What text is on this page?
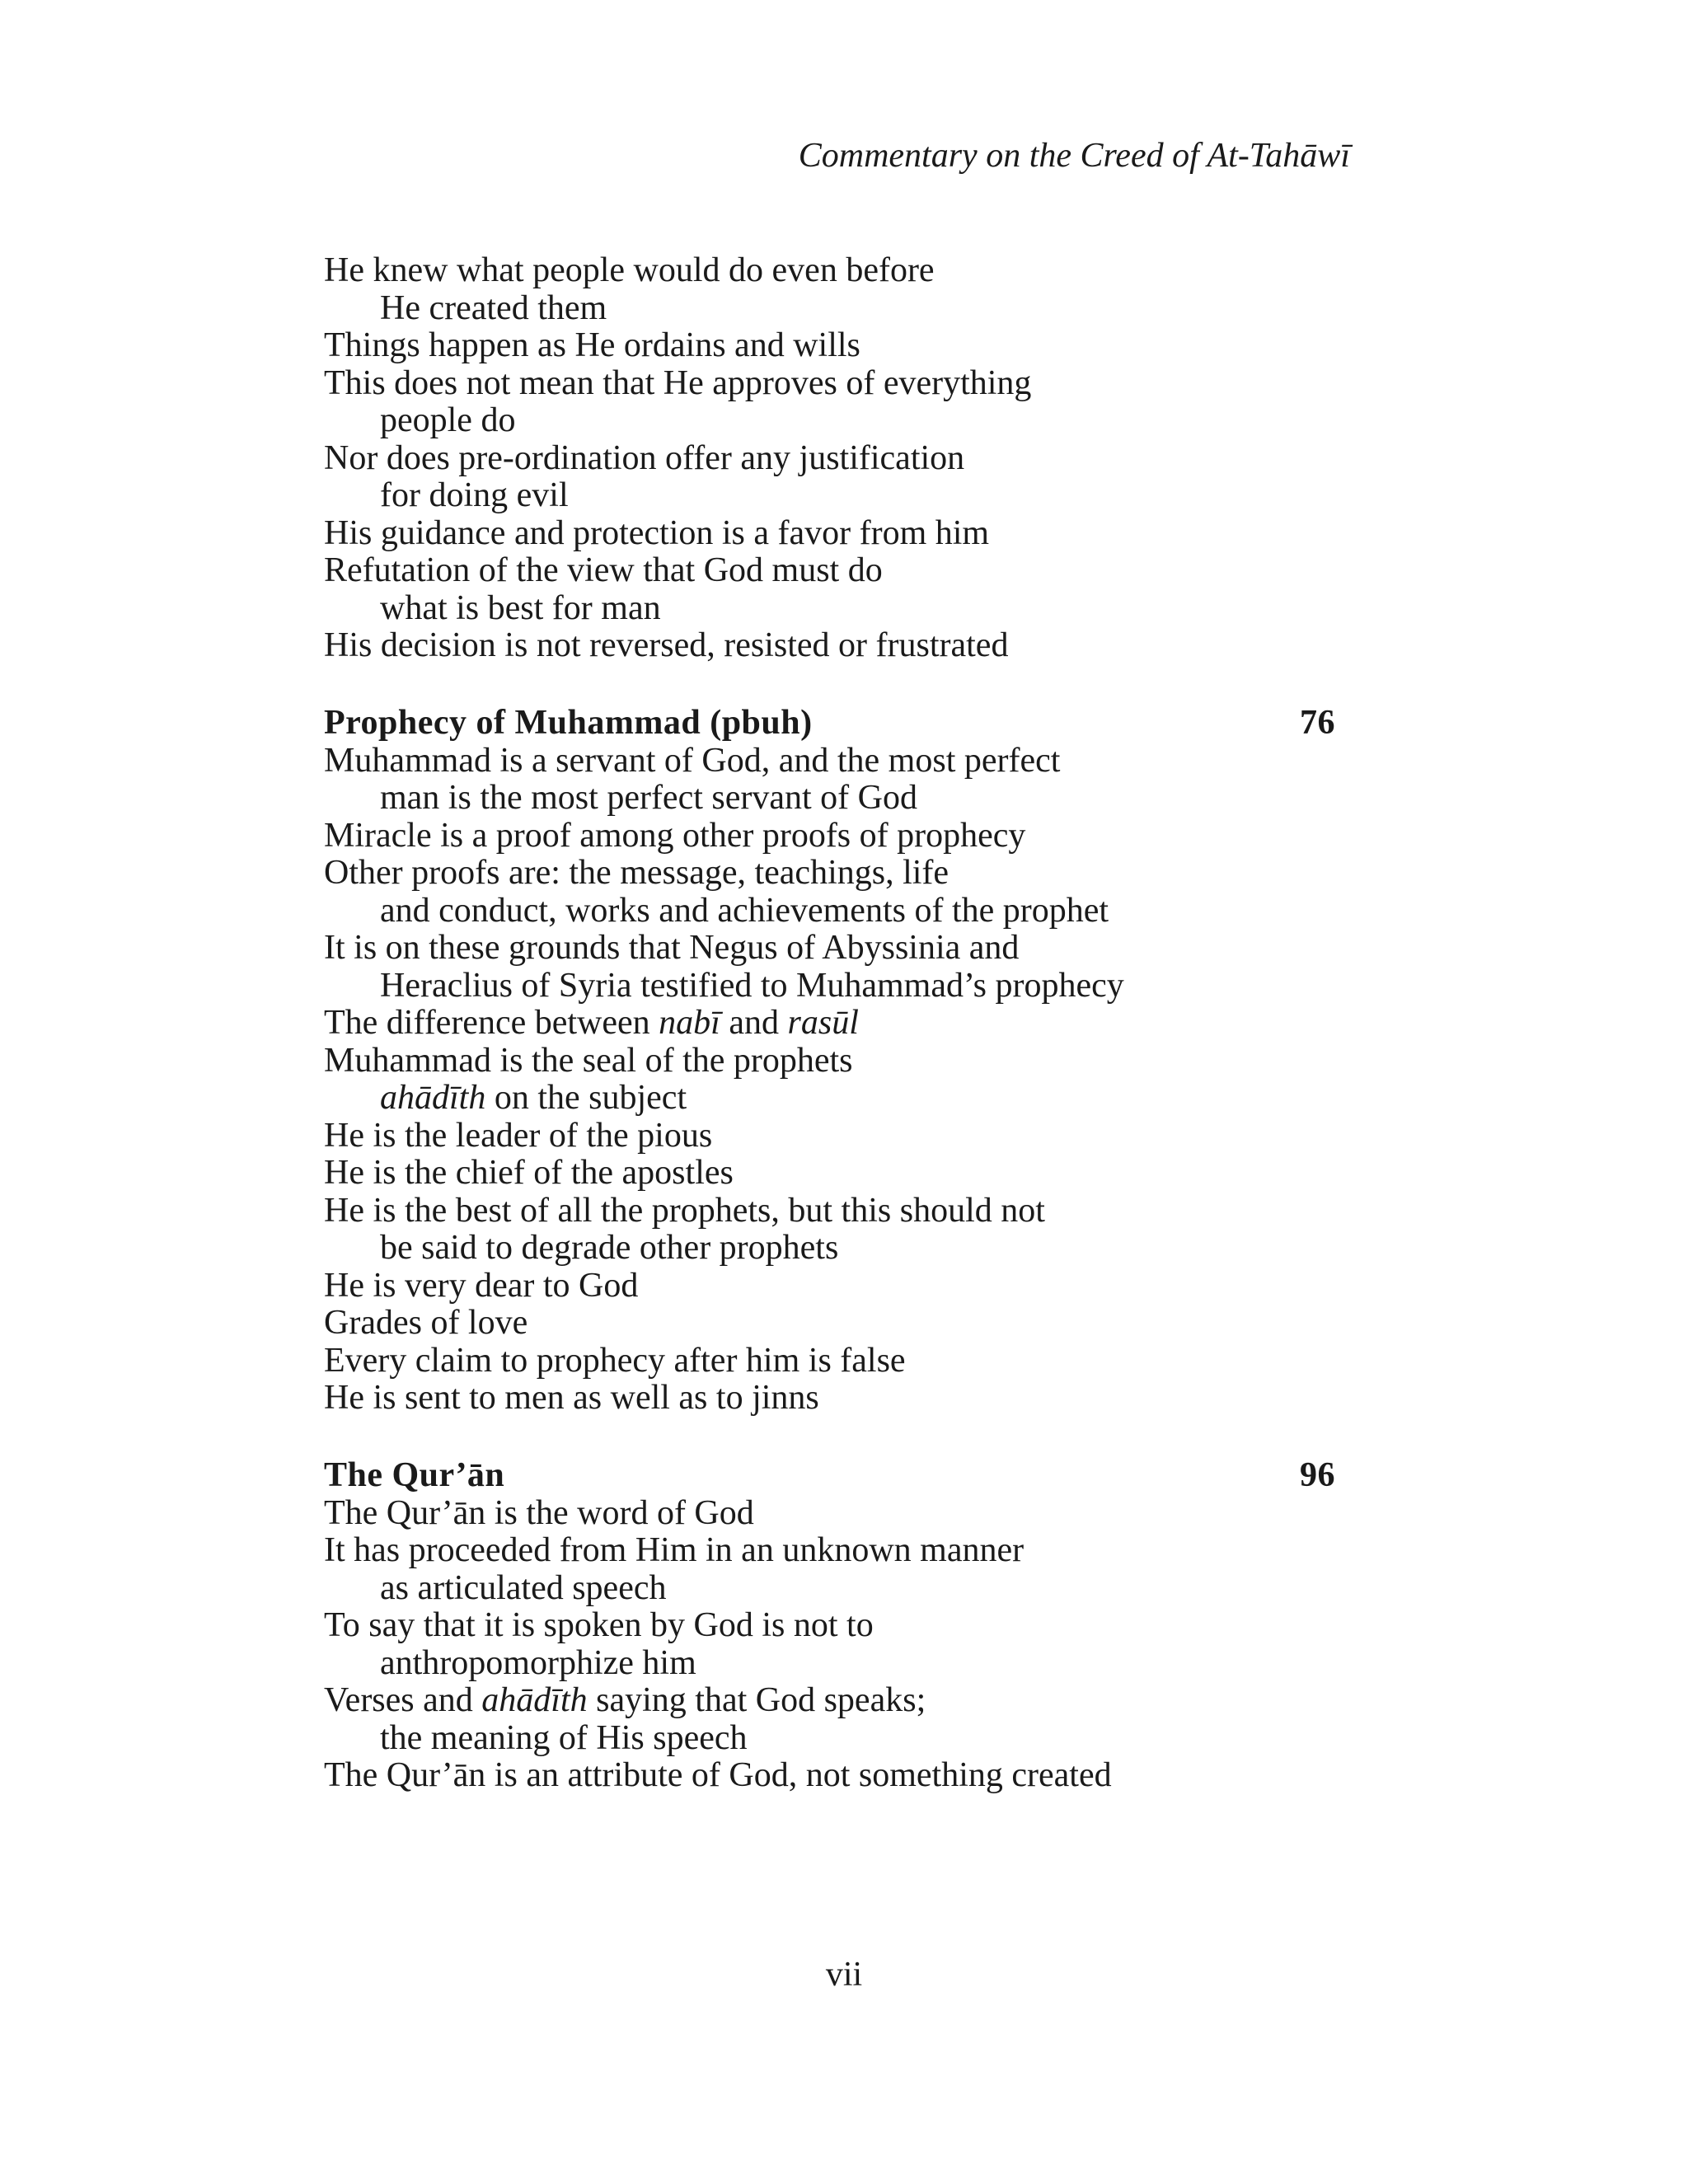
Commentary on the Creed of At-Tahāwī
He knew what people would do even before
He created them
Things happen as He ordains and wills
This does not mean that He approves of everything
people do
Nor does pre-ordination offer any justification
for doing evil
His guidance and protection is a favor from him
Refutation of the view that God must do
what is best for man
His decision is not reversed, resisted or frustrated
Prophecy of Muhammad (pbuh)	76
Muhammad is a servant of God, and the most perfect
man is the most perfect servant of God
Miracle is a proof among other proofs of prophecy
Other proofs are: the message, teachings, life
and conduct, works and achievements of the prophet
It is on these grounds that Negus of Abyssinia and
Heraclius of Syria testified to Muhammad’s prophecy
The difference between nabī and rasūl
Muhammad is the seal of the prophets
ahādīth on the subject
He is the leader of the pious
He is the chief of the apostles
He is the best of all the prophets, but this should not
be said to degrade other prophets
He is very dear to God
Grades of love
Every claim to prophecy after him is false
He is sent to men as well as to jinns
The Qur’ān	96
The Qur’ān is the word of God
It has proceeded from Him in an unknown manner
as articulated speech
To say that it is spoken by God is not to
anthropomorphize him
Verses and ahādīth saying that God speaks;
the meaning of His speech
The Qur’ān is an attribute of God, not something created
vii
